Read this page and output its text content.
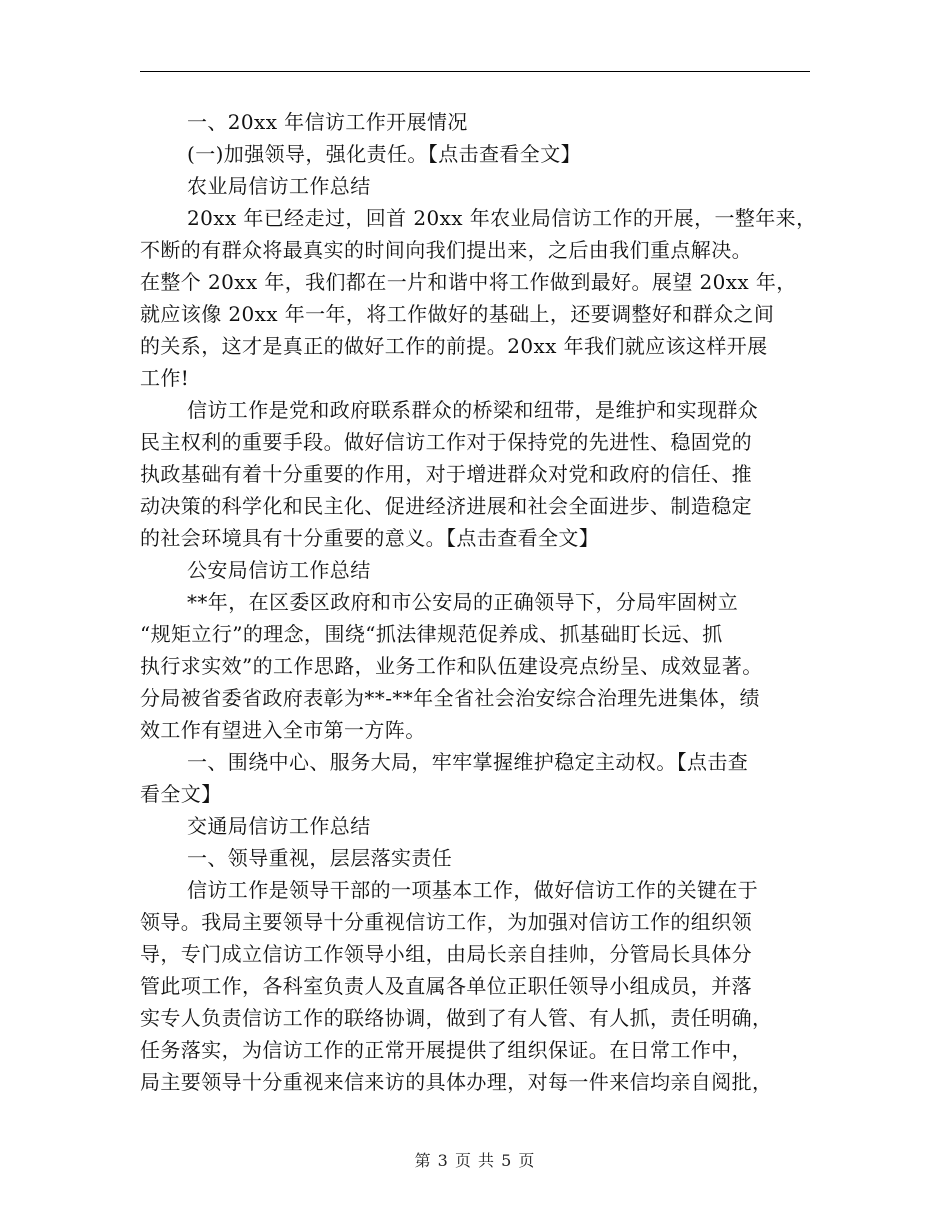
一、20xx 年信访工作开展情况
(一)加强领导，强化责任。【点击查看全文】
农业局信访工作总结
20xx 年已经走过，回首 20xx 年农业局信访工作的开展，一整年来，
不断的有群众将最真实的时间向我们提出来，之后由我们重点解决。
在整个 20xx 年，我们都在一片和谐中将工作做到最好。展望 20xx 年，
就应该像 20xx 年一年，将工作做好的基础上，还要调整好和群众之间
的关系，这才是真正的做好工作的前提。20xx 年我们就应该这样开展
工作!
信访工作是党和政府联系群众的桥梁和纽带，是维护和实现群众
民主权利的重要手段。做好信访工作对于保持党的先进性、稳固党的
执政基础有着十分重要的作用，对于增进群众对党和政府的信任、推
动决策的科学化和民主化、促进经济进展和社会全面进步、制造稳定
的社会环境具有十分重要的意义。【点击查看全文】
公安局信访工作总结
**年，在区委区政府和市公安局的正确领导下，分局牢固树立
“规矩立行”的理念，围绕“抓法律规范促养成、抓基础盯长远、抓
执行求实效”的工作思路，业务工作和队伍建设亮点纷呈、成效显著。
分局被省委省政府表彰为**-**年全省社会治安综合治理先进集体，绩
效工作有望进入全市第一方阵。
一、围绕中心、服务大局，牢牢掌握维护稳定主动权。【点击查
看全文】
交通局信访工作总结
一、领导重视，层层落实责任
信访工作是领导干部的一项基本工作，做好信访工作的关键在于
领导。我局主要领导十分重视信访工作，为加强对信访工作的组织领
导，专门成立信访工作领导小组，由局长亲自挂帅，分管局长具体分
管此项工作，各科室负责人及直属各单位正职任领导小组成员，并落
实专人负责信访工作的联络协调，做到了有人管、有人抓，责任明确，
任务落实，为信访工作的正常开展提供了组织保证。在日常工作中，
局主要领导十分重视来信来访的具体办理，对每一件来信均亲自阅批，
第 3 页 共 5 页
